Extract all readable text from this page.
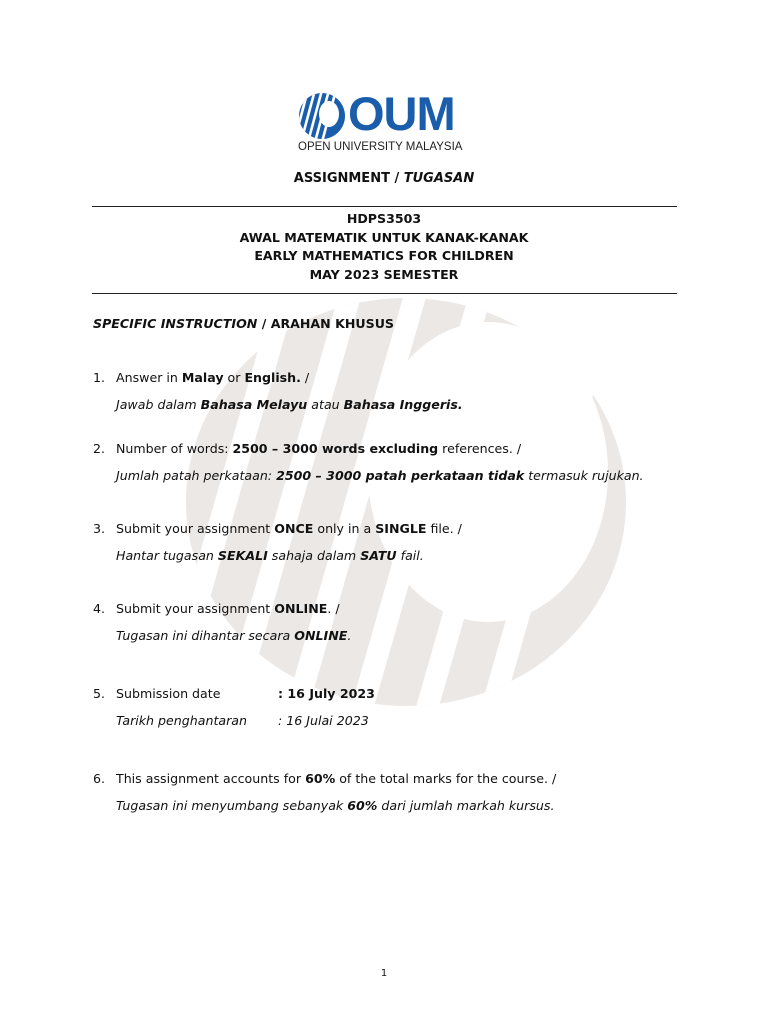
OUM
OPEN UNIVERSITY MALAYSIA
ASSIGNMENT / TUGASAN
HDPS3503
AWAL MATEMATIK UNTUK KANAK-KANAK
EARLY MATHEMATICS FOR CHILDREN
MAY 2023 SEMESTER
SPECIFIC INSTRUCTION / ARAHAN KHUSUS
1. Answer in Malay or English. /
Jawab dalam Bahasa Melayu atau Bahasa Inggeris.
2. Number of words: 2500 – 3000 words excluding references. /
Jumlah patah perkataan: 2500 – 3000 patah perkataan tidak termasuk rujukan.
3. Submit your assignment ONCE only in a SINGLE file. /
Hantar tugasan SEKALI sahaja dalam SATU fail.
4. Submit your assignment ONLINE. /
Tugasan ini dihantar secara ONLINE.
5. Submission date	: 16 July 2023
Tarikh penghantaran : 16 Julai 2023
6. This assignment accounts for 60% of the total marks for the course. /
Tugasan ini menyumbang sebanyak 60% dari jumlah markah kursus.
1
